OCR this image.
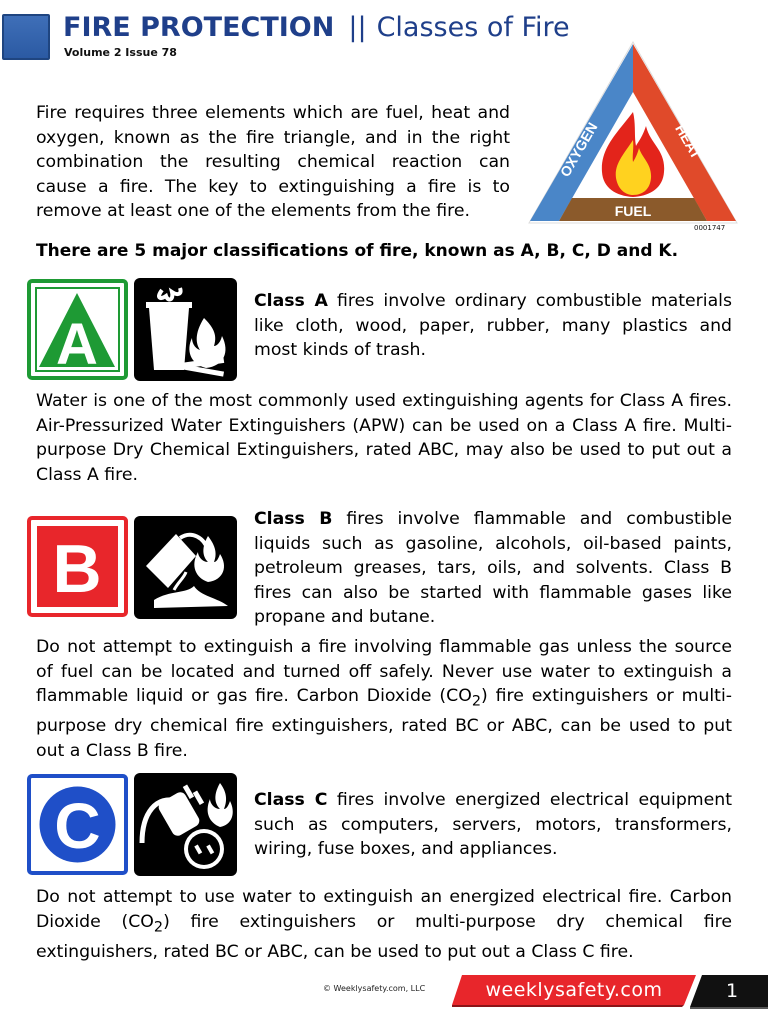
FIRE PROTECTION || Classes of Fire
Volume 2 Issue 78

Fire requires three elements which are fuel, heat and oxygen, known as the fire triangle, and in the right combination the resulting chemical reaction can cause a fire. The key to extinguishing a fire is to remove at least one of the elements from the fire.

OXYGEN	HEAT
FUEL
0001747
There are 5 major classifications of fire, known as A, B, C, D and K.
A

Class A fires involve ordinary combustible materials like cloth, wood, paper, rubber, many plastics and most kinds of trash.

Water is one of the most commonly used extinguishing agents for Class A fires. Air-Pressurized Water Extinguishers (APW) can be used on a Class A fire. Multi-purpose Dry Chemical Extinguishers, rated ABC, may also be used to put out a Class A fire.

B

Class B fires involve flammable and combustible liquids such as gasoline, alcohols, oil-based paints, petroleum greases, tars, oils, and solvents. Class B fires can also be started with flammable gases like propane and butane.

Do not attempt to extinguish a fire involving flammable gas unless the source of fuel can be located and turned off safely. Never use water to extinguish a flammable liquid or gas fire. Carbon Dioxide $(CO_2)$ fire extinguishers or multi-purpose dry chemical fire extinguishers, rated BC or ABC, can be used to put out a Class B fire.

C	Class C fires involve energized electrical equipment such as computers, servers, motors, transformers, wiring, fuse boxes, and appliances.

Do not attempt to use water to extinguish an energized electrical fire. Carbon Dioxide $(CO_2)$ fire extinguishers or multi-purpose dry chemical fire extinguishers, rated BC or ABC, can be used to put out a Class C fire.

© Weeklysafety.com, LLC	weeklysafety.com	1
